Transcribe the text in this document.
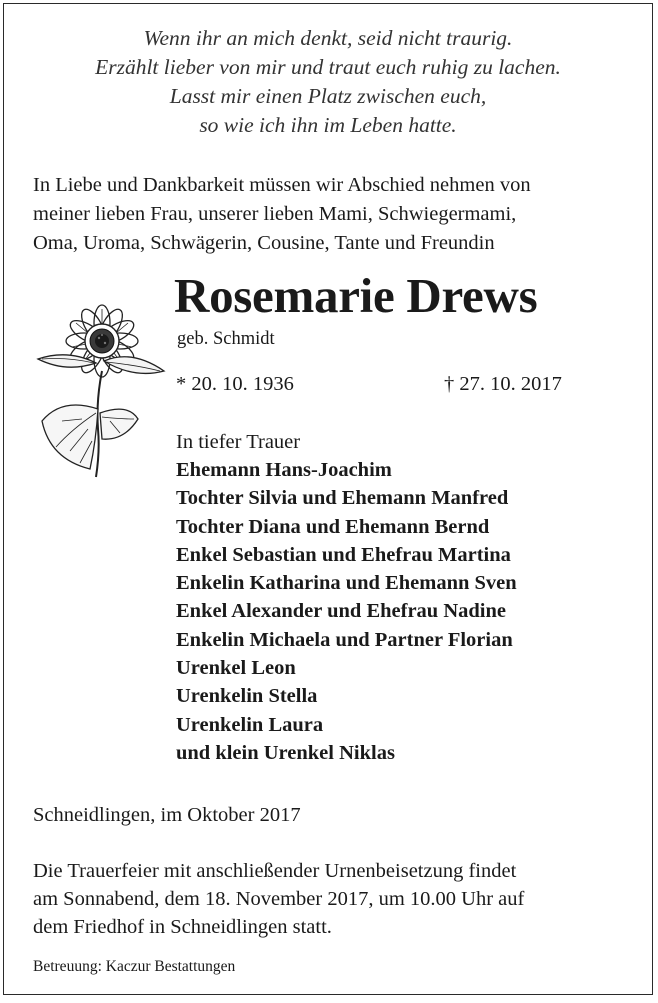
Wenn ihr an mich denkt, seid nicht traurig.
Erzählt lieber von mir und traut euch ruhig zu lachen.
Lasst mir einen Platz zwischen euch,
so wie ich ihn im Leben hatte.
In Liebe und Dankbarkeit müssen wir Abschied nehmen von
meiner lieben Frau, unserer lieben Mami, Schwiegermami,
Oma, Uroma, Schwägerin, Cousine, Tante und Freundin
Rosemarie Drews
geb. Schmidt
* 20. 10. 1936	† 27. 10. 2017
In tiefer Trauer
Ehemann Hans-Joachim
Tochter Silvia und Ehemann Manfred
Tochter Diana und Ehemann Bernd
Enkel Sebastian und Ehefrau Martina
Enkelin Katharina und Ehemann Sven
Enkel Alexander und Ehefrau Nadine
Enkelin Michaela und Partner Florian
Urenkel Leon
Urenkelin Stella
Urenkelin Laura
und klein Urenkel Niklas
Schneidlingen, im Oktober 2017
Die Trauerfeier mit anschließender Urnenbeisetzung findet
am Sonnabend, dem 18. November 2017, um 10.00 Uhr auf
dem Friedhof in Schneidlingen statt.
Betreuung: Kaczur Bestattungen
